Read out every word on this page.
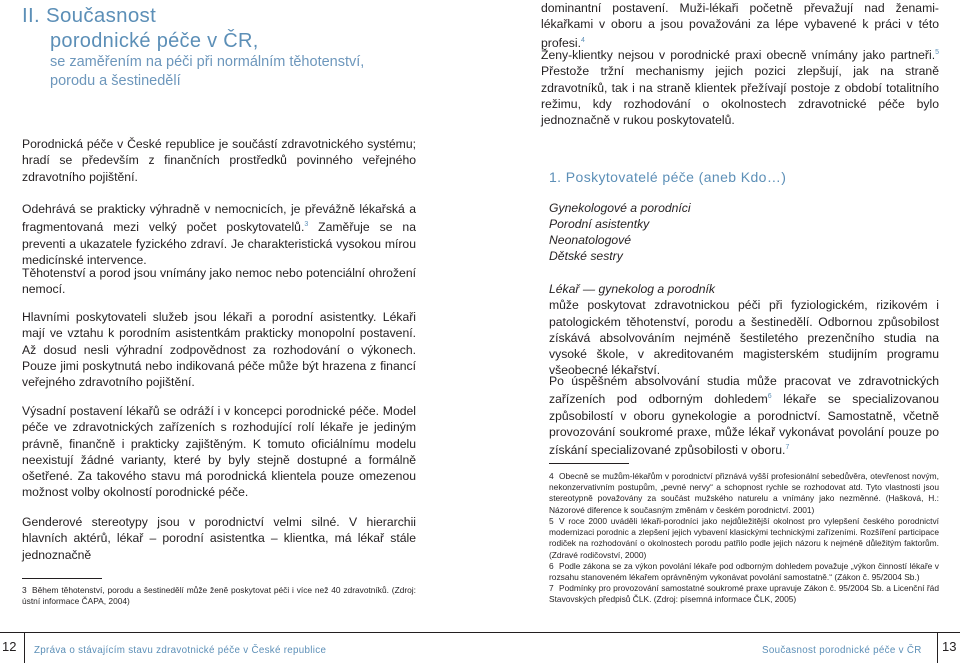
II. Současnost
porodnické péče v ČR,
se zaměřením na péči při normálním těhotenství,
porodu a šestinedělí

Porodnická péče v České republice je součástí zdravotnického systému; hradí se především z finančních prostředků povinného veřejného zdravotního pojištění.

Odehrává se prakticky výhradně v nemocnicích, je převážně lékařská a fragmentovaná mezi velký počet poskytovatelů.$^3$ Zaměřuje se na preventi a ukazatele fyzického zdraví. Je charakteristická vysokou mírou medicínské intervence.

Těhotenství a porod jsou vnímány jako nemoc nebo potenciální ohrožení nemocí.

Hlavními poskytovateli služeb jsou lékaři a porodní asistentky. Lékaři mají ve vztahu k porodním asistentkám prakticky monopolní postavení. Až dosud nesli výhradní zodpovědnost za rozhodování o výkonech. Pouze jimi poskytnutá nebo indikovaná péče může být hrazena z financí veřejného zdravotního pojištění.

Výsadní postavení lékařů se odráží i v koncepci porodnické péče. Model péče ve zdravotnických zařízeních s rozhodující rolí lékaře je jediným právně, finančně i prakticky zajištěným. K tomuto oficiálnímu modelu neexistují žádné varianty, které by byly stejně dostupné a formálně ošetřené. Za takového stavu má porodnická klientela pouze omezenou možnost volby okolností porodnické péče.

Genderové stereotypy jsou v porodnictví velmi silné. V hierarchii hlavních aktérů, lékař – porodní asistentka – klientka, má lékař stále jednoznačně

3 Během těhotenství, porodu a šestinedělí může ženě poskytovat péči i více než 40 zdravotníků. (Zdroj: ústní informace ČAPA, 2004)

dominantní postavení. Muži-lékaři početně převažují nad ženami-lékařkami v oboru a jsou považováni za lépe vybavené k práci v této profesi.$^4$

Ženy-klientky nejsou v porodnické praxi obecně vnímány jako partneři.$^5$ Přestože tržní mechanismy jejich pozici zlepšují, jak na straně zdravotníků, tak i na straně klientek přežívají postoje z období totalitního režimu, kdy rozhodování o okolnostech zdravotnické péče bylo jednoznačně v rukou poskytovatelů.

1. Poskytovatelé péče (aneb Kdo…)

Gynekologové a porodníci

Porodní asistentky

Neonatologové

Dětské sestry

Lékař — gynekolog a porodník
může poskytovat zdravotnickou péči při fyziologickém, rizikovém i patologickém těhotenství, porodu a šestinedělí. Odbornou způsobilost získává absolvováním nejméně šestiletého prezenčního studia na vysoké škole, v akreditovaném magisterském studijním programu všeobecné lékařství.

Po úspěšném absolvování studia může pracovat ve zdravotnických zařízeních pod odborným dohledem$^6$ lékaře se specializovanou způsobilostí v oboru gynekologie a porodnictví. Samostatně, včetně provozování soukromé praxe, může lékař vykonávat povolání pouze po získání specializované způsobilosti v oboru.$^7$

4 Obecně se mužům-lékařům v porodnictví přiznává vyšší profesionální sebedůvěra, otevřenost novým, nekonzervativním postupům, „pevné nervy“ a schopnost rychle se rozhodovat atd. Tyto vlastnosti jsou stereotypně považovány za součást mužského naturelu a vnímány jako nezměnné. (Hašková, H.: Názorové diference k současným změnám v českém porodnictví. 2001)

5 V roce 2000 uváděli lékaři-porodníci jako nejdůležitější okolnost pro vylepšení českého porodnictví modernizaci porodnic a zlepšení jejich vybavení klasickými technickými zařízeními. Rozšíření participace rodiček na rozhodování o okolnostech porodu patřilo podle jejich názoru k nejméně důležitým faktorům. (Zdravé rodičovství, 2000)

6 Podle zákona se za výkon povolání lékaře pod odborným dohledem považuje „výkon činností lékaře v rozsahu stanoveném lékařem oprávněným vykonávat povolání samostatně.“ (Zákon č. 95/2004 Sb.)

7 Podmínky pro provozování samostatné soukromé praxe upravuje Zákon č. 95/2004 Sb. a Licenční řád Stavovských předpisů ČLK. (Zdroj: písemná informace ČLK, 2005)

12 Zpráva o stávajícím stavu zdravotnické péče v České republice	Současnost porodnické péče v ČR 13
